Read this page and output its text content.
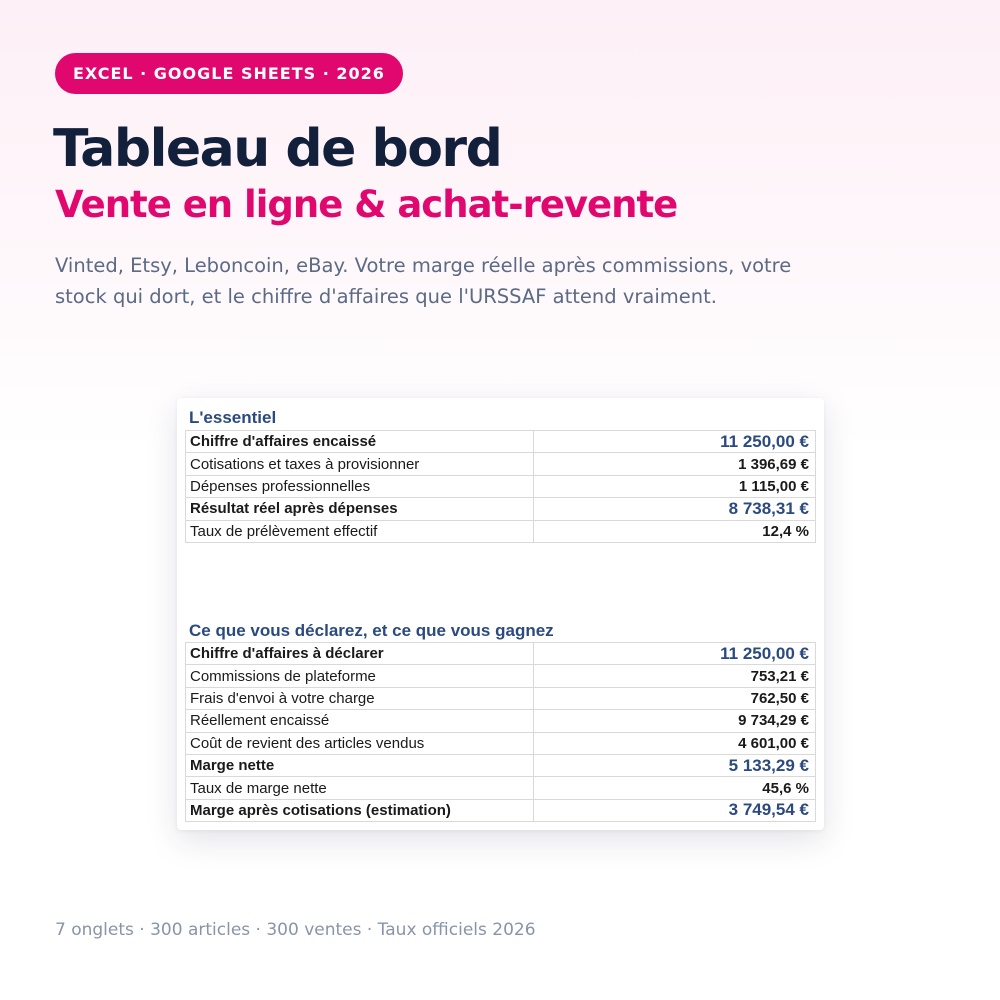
EXCEL · GOOGLE SHEETS · 2026
Tableau de bord
Vente en ligne & achat-revente

Vinted, Etsy, Leboncoin, eBay. Votre marge réelle après commissions, votre stock qui dort, et le chiffre d'affaires que l'URSSAF attend vraiment.

L'essentiel
Chiffre d'affaires encaissé	11 250,00 €
Cotisations et taxes à provisionner	1 396,69 €
Dépenses professionnelles	1 115,00 €
Résultat réel après dépenses	8 738,31 €
Taux de prélèvement effectif	12,4 %
Ce que vous déclarez, et ce que vous gagnez
Chiffre d'affaires à déclarer	11 250,00 €
Commissions de plateforme	753,21 €
Frais d'envoi à votre charge	762,50 €
Réellement encaissé	9 734,29 €
Coût de revient des articles vendus	4 601,00 €
Marge nette	5 133,29 €
Taux de marge nette	45,6 %
Marge après cotisations (estimation)	3 749,54 €

7 onglets · 300 articles · 300 ventes · Taux officiels 2026
